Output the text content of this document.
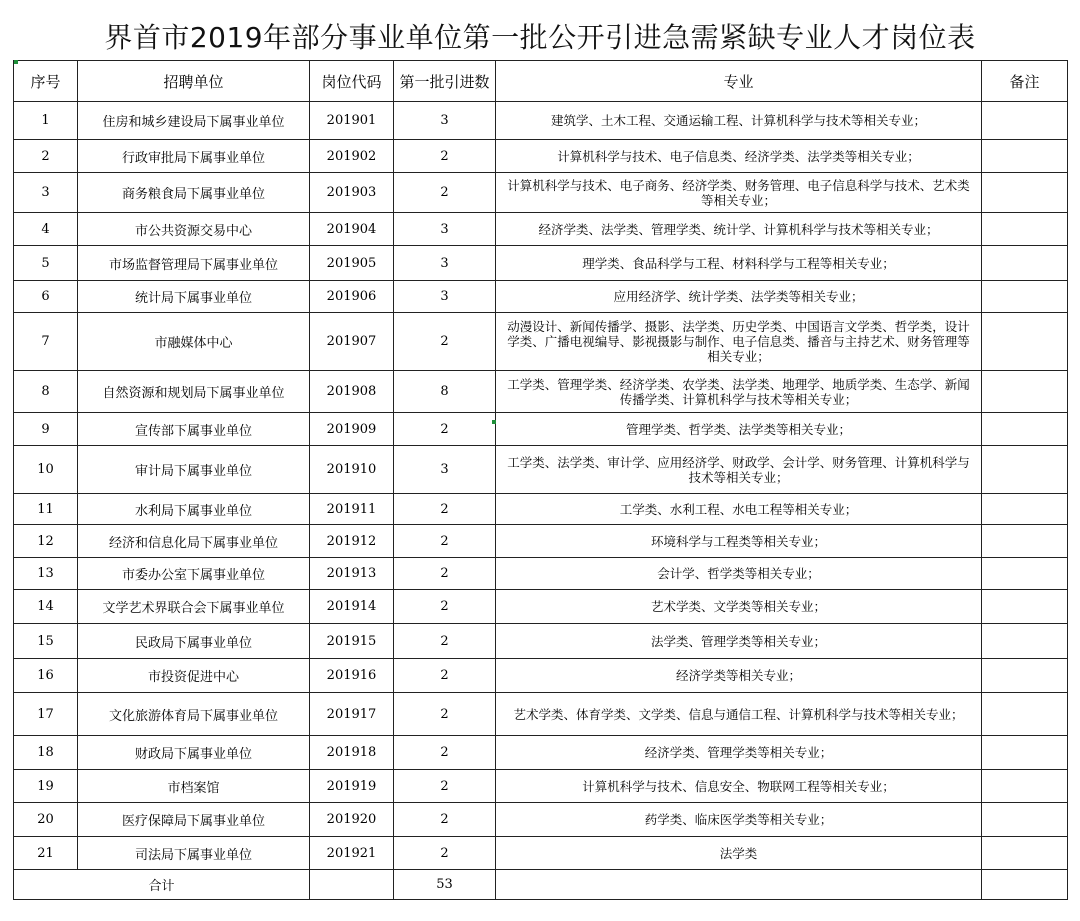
界首市2019年部分事业单位第一批公开引进急需紧缺专业人才岗位表
序号	招聘单位	岗位代码	第一批引进数	专业	备注
1	住房和城乡建设局下属事业单位	201901	3	建筑学、土木工程、交通运输工程、计算机科学与技术等相关专业；	
2	行政审批局下属事业单位	201902	2	计算机科学与技术、电子信息类、经济学类、法学类等相关专业；	
3	商务粮食局下属事业单位	201903	2	计算机科学与技术、电子商务、经济学类、财务管理、电子信息科学与技术、艺术类等相关专业；	
4	市公共资源交易中心	201904	3	经济学类、法学类、管理学类、统计学、计算机科学与技术等相关专业；	
5	市场监督管理局下属事业单位	201905	3	理学类、食品科学与工程、材料科学与工程等相关专业；	
6	统计局下属事业单位	201906	3	应用经济学、统计学类、法学类等相关专业；	
7	市融媒体中心	201907	2	动漫设计、新闻传播学、摄影、法学类、历史学类、中国语言文学类、哲学类，设计学类、广播电视编导、影视摄影与制作、电子信息类、播音与主持艺术、财务管理等相关专业；	
8	自然资源和规划局下属事业单位	201908	8	工学类、管理学类、经济学类、农学类、法学类、地理学、地质学类、生态学、新闻传播学类、计算机科学与技术等相关专业；	
9	宣传部下属事业单位	201909	2	管理学类、哲学类、法学类等相关专业；	
10	审计局下属事业单位	201910	3	工学类、法学类、审计学、应用经济学、财政学、会计学、财务管理、计算机科学与技术等相关专业；	
11	水利局下属事业单位	201911	2	工学类、水利工程、水电工程等相关专业；	
12	经济和信息化局下属事业单位	201912	2	环境科学与工程类等相关专业；	
13	市委办公室下属事业单位	201913	2	会计学、哲学类等相关专业；	
14	文学艺术界联合会下属事业单位	201914	2	艺术学类、文学类等相关专业；	
15	民政局下属事业单位	201915	2	法学类、管理学类等相关专业；	
16	市投资促进中心	201916	2	经济学类等相关专业；	
17	文化旅游体育局下属事业单位	201917	2	艺术学类、体育学类、文学类、信息与通信工程、计算机科学与技术等相关专业；	
18	财政局下属事业单位	201918	2	经济学类、管理学类等相关专业；	
19	市档案馆	201919	2	计算机科学与技术、信息安全、物联网工程等相关专业；	
20	医疗保障局下属事业单位	201920	2	药学类、临床医学类等相关专业；	
21	司法局下属事业单位	201921	2	法学类	
合计			53		
